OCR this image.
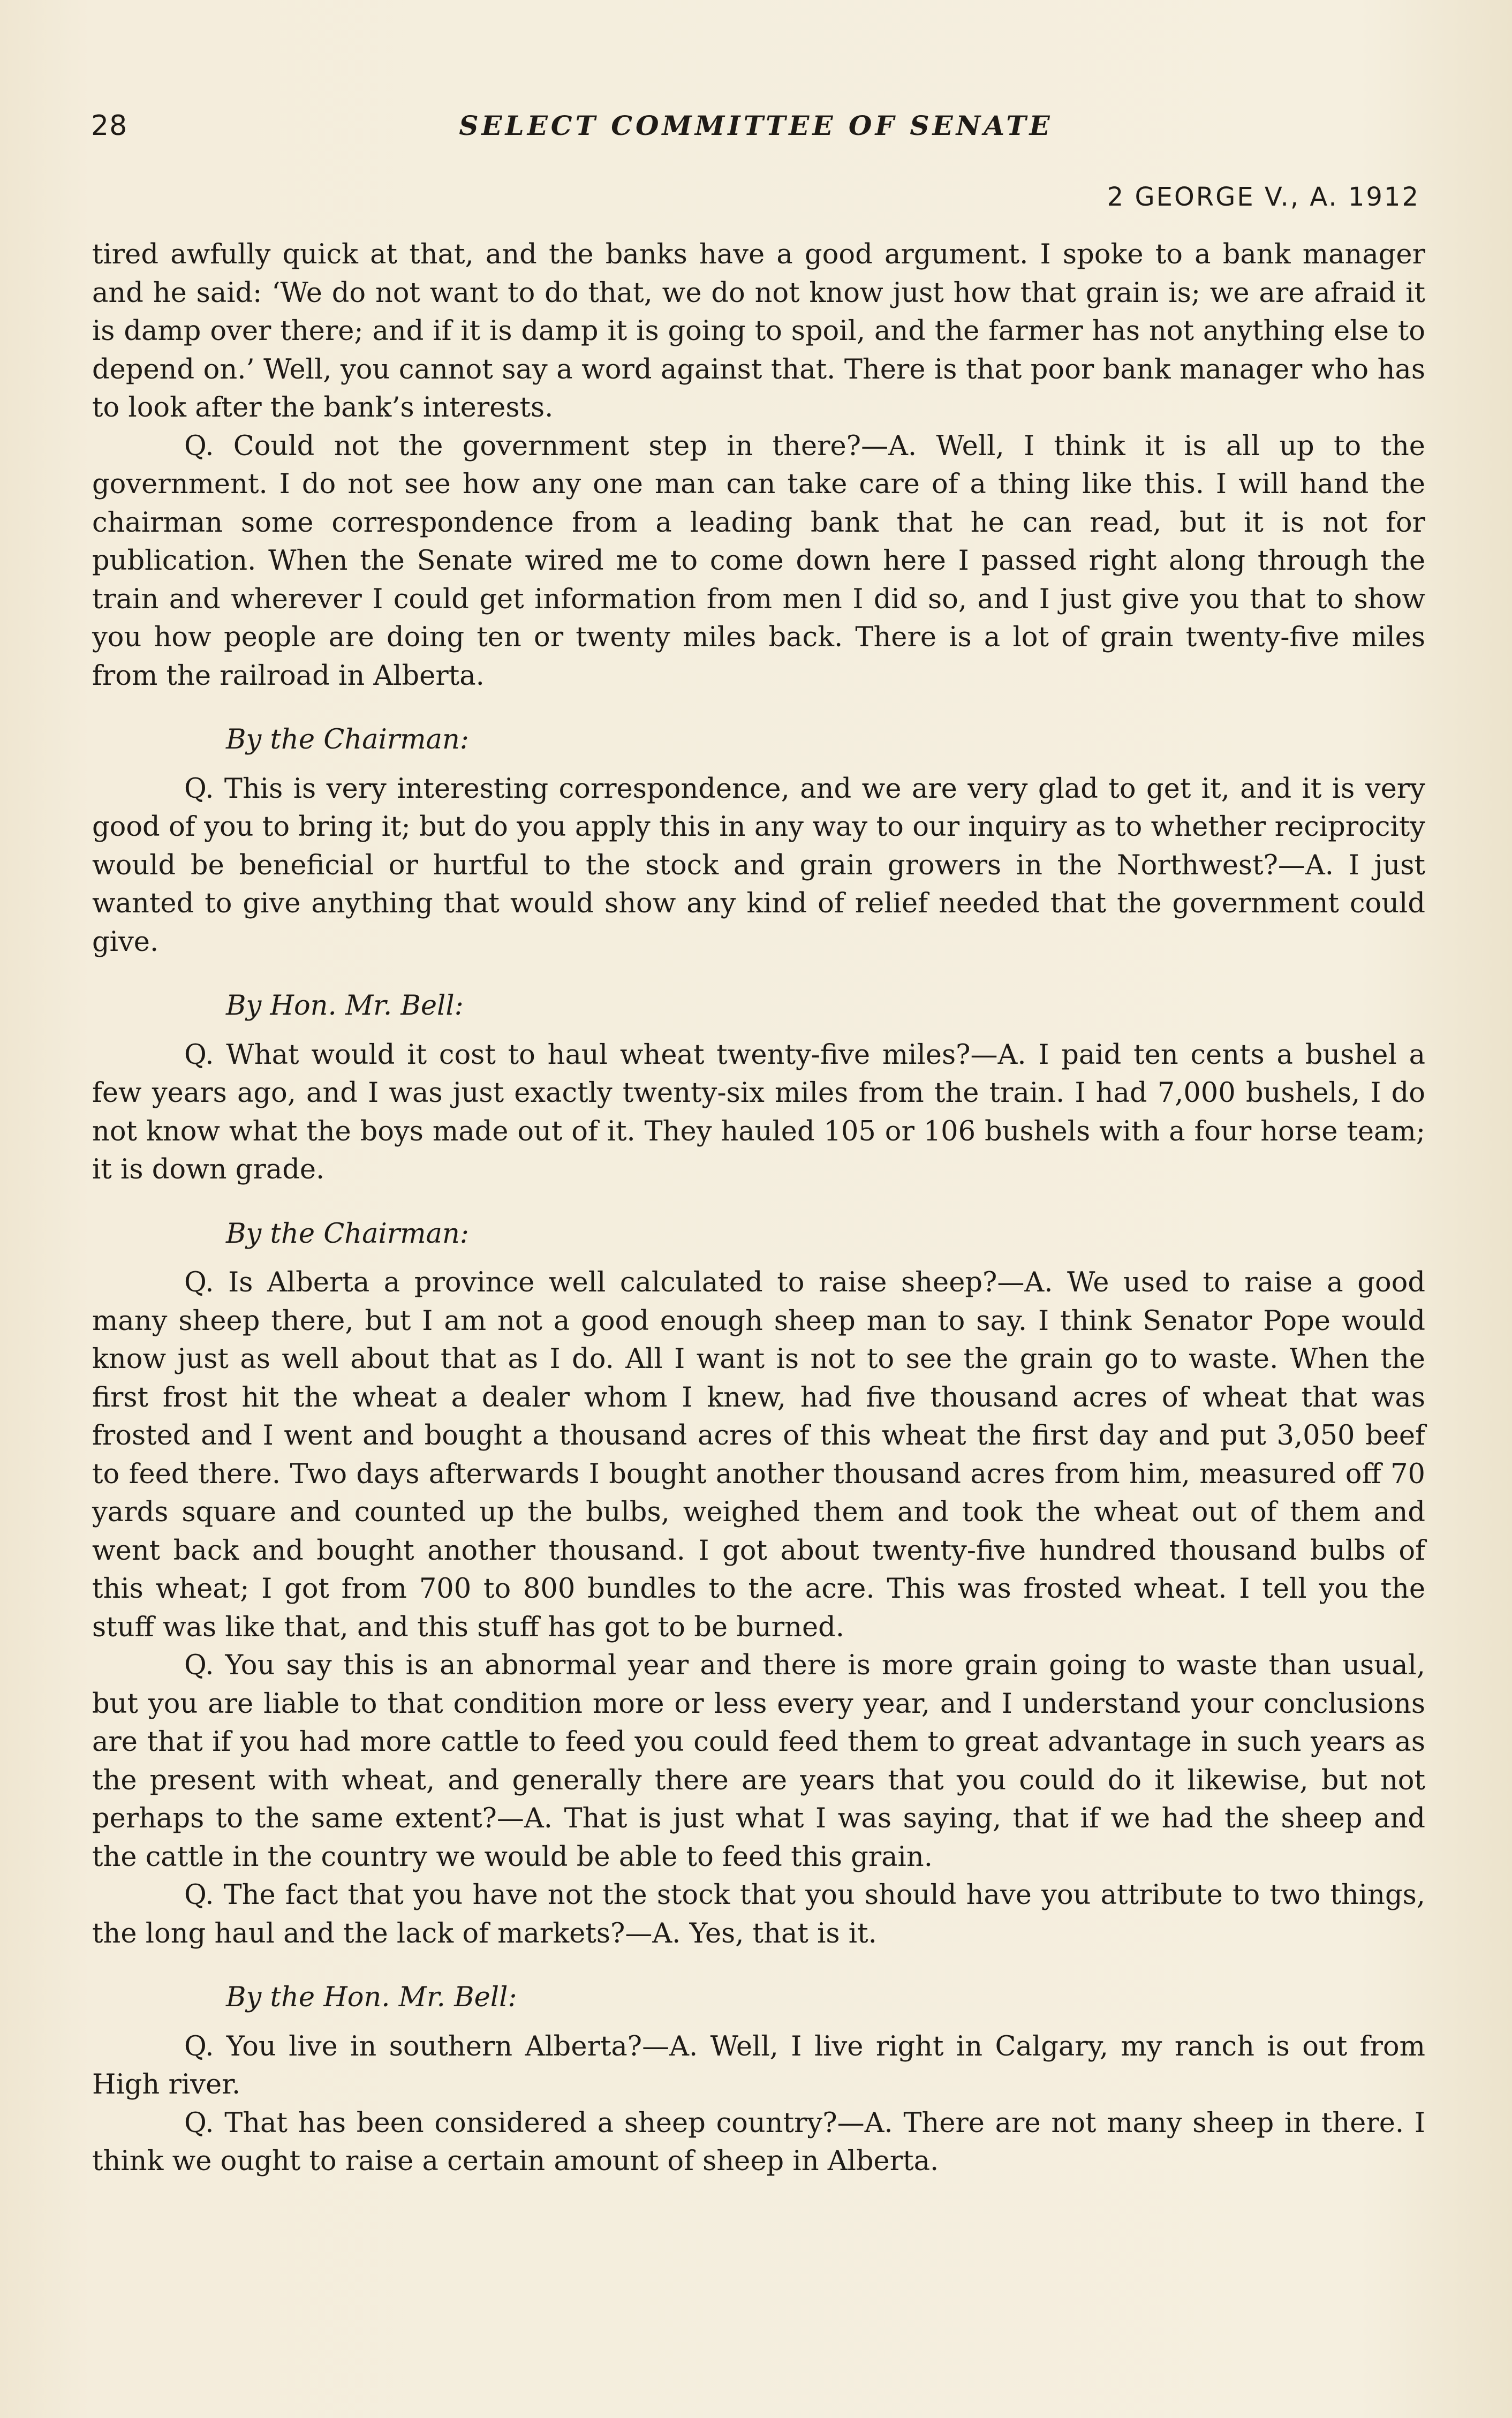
28	SELECT COMMITTEE OF SENATE
2 GEORGE V., A. 1912

tired awfully quick at that, and the banks have a good argument. I spoke to a bank manager and he said: ‘We do not want to do that, we do not know just how that grain is; we are afraid it is damp over there; and if it is damp it is going to spoil, and the farmer has not anything else to depend on.’ Well, you cannot say a word against that. There is that poor bank manager who has to look after the bank’s interests.

Q. Could not the government step in there?—A. Well, I think it is all up to the government. I do not see how any one man can take care of a thing like this. I will hand the chairman some correspondence from a leading bank that he can read, but it is not for publication. When the Senate wired me to come down here I passed right along through the train and wherever I could get information from men I did so, and I just give you that to show you how people are doing ten or twenty miles back. There is a lot of grain twenty-five miles from the railroad in Alberta.

By the Chairman:

Q. This is very interesting correspondence, and we are very glad to get it, and it is very good of you to bring it; but do you apply this in any way to our inquiry as to whether reciprocity would be beneficial or hurtful to the stock and grain growers in the Northwest?—A. I just wanted to give anything that would show any kind of relief needed that the government could give.

By Hon. Mr. Bell:

Q. What would it cost to haul wheat twenty-five miles?—A. I paid ten cents a bushel a few years ago, and I was just exactly twenty-six miles from the train. I had 7,000 bushels, I do not know what the boys made out of it. They hauled 105 or 106 bushels with a four horse team; it is down grade.

By the Chairman:

Q. Is Alberta a province well calculated to raise sheep?—A. We used to raise a good many sheep there, but I am not a good enough sheep man to say. I think Senator Pope would know just as well about that as I do. All I want is not to see the grain go to waste. When the first frost hit the wheat a dealer whom I knew, had five thousand acres of wheat that was frosted and I went and bought a thousand acres of this wheat the first day and put 3,050 beef to feed there. Two days afterwards I bought another thousand acres from him, measured off 70 yards square and counted up the bulbs, weighed them and took the wheat out of them and went back and bought another thousand. I got about twenty-five hundred thousand bulbs of this wheat; I got from 700 to 800 bundles to the acre. This was frosted wheat. I tell you the stuff was like that, and this stuff has got to be burned.

Q. You say this is an abnormal year and there is more grain going to waste than usual, but you are liable to that condition more or less every year, and I understand your conclusions are that if you had more cattle to feed you could feed them to great advantage in such years as the present with wheat, and generally there are years that you could do it likewise, but not perhaps to the same extent?—A. That is just what I was saying, that if we had the sheep and the cattle in the country we would be able to feed this grain.

Q. The fact that you have not the stock that you should have you attribute to two things, the long haul and the lack of markets?—A. Yes, that is it.

By the Hon. Mr. Bell:

Q. You live in southern Alberta?—A. Well, I live right in Calgary, my ranch is out from High river.

Q. That has been considered a sheep country?—A. There are not many sheep in there. I think we ought to raise a certain amount of sheep in Alberta.
